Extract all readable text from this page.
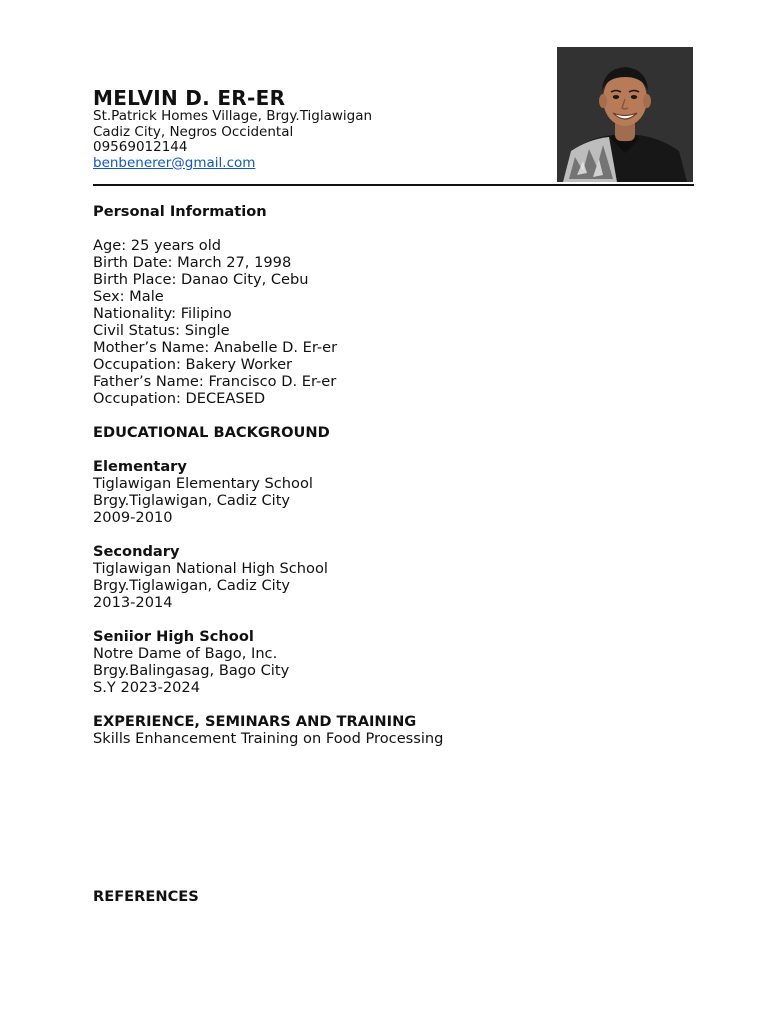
MELVIN D. ER-ER
St.Patrick Homes Village, Brgy.Tiglawigan
Cadiz City, Negros Occidental
09569012144
benbenerer@gmail.com
Personal Information
Age: 25 years old
Birth Date: March 27, 1998
Birth Place: Danao City, Cebu
Sex: Male
Nationality: Filipino
Civil Status: Single
Mother’s Name: Anabelle D. Er-er
Occupation: Bakery Worker
Father’s Name: Francisco D. Er-er
Occupation: DECEASED
EDUCATIONAL BACKGROUND
Elementary
Tiglawigan Elementary School
Brgy.Tiglawigan, Cadiz City
2009-2010
Secondary
Tiglawigan National High School
Brgy.Tiglawigan, Cadiz City
2013-2014
Seniior High School
Notre Dame of Bago, Inc.
Brgy.Balingasag, Bago City
S.Y 2023-2024
EXPERIENCE, SEMINARS AND TRAINING
Skills Enhancement Training on Food Processing
REFERENCES
